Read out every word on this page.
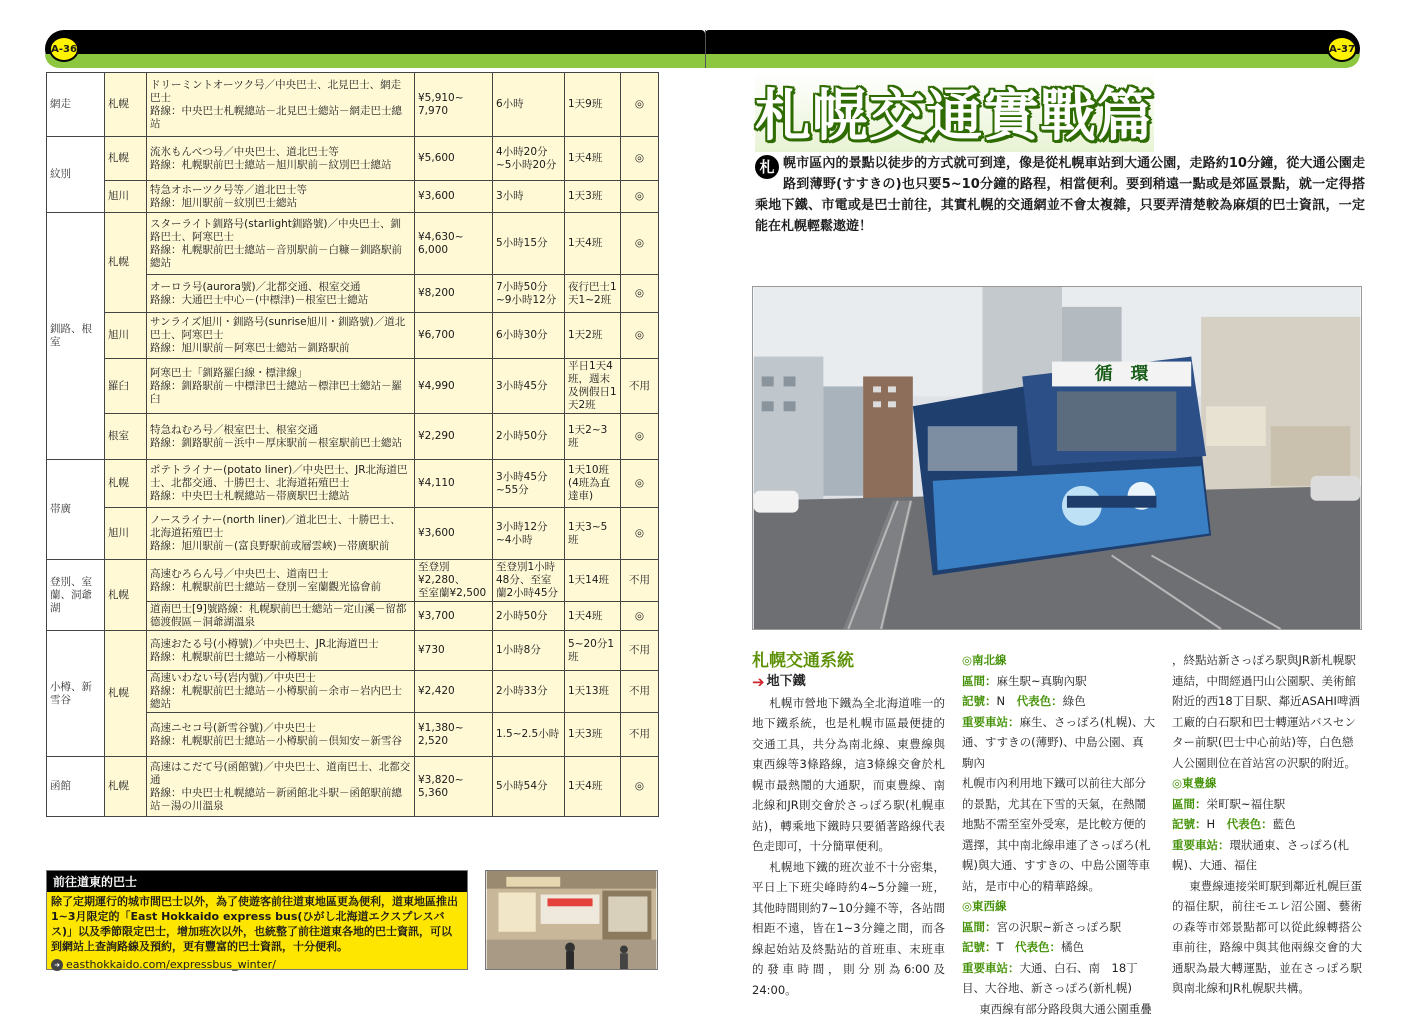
A-36	A-37
網走	札幌	ドリーミントオーツク号／中央巴士、北見巴士、網走巴士
路線：中央巴士札幌總站－北見巴士總站－網走巴士總站	¥5,910~
7,970	6小時	1天9班	◎
紋別	札幌	流氷もんべつ号／中央巴士、道北巴士等
路線：札幌駅前巴士總站－旭川駅前－紋別巴士總站	¥5,600	4小時20分~5小時20分	1天4班	◎
	旭川	特急オホーツク号等／道北巴士等
路線：旭川駅前－紋別巴士總站	¥3,600	3小時	1天3班	◎
釧路、根室	札幌	スターライト釧路号(starlight釧路號)／中央巴士、釧路巴士、阿寒巴士
路線：札幌駅前巴士總站－音別駅前－白糠－釧路駅前總站	¥4,630~
6,000	5小時15分	1天4班	◎
		オーロラ号(aurora號)／北都交通、根室交通
路線：大通巴士中心－(中標津)－根室巴士總站	¥8,200	7小時50分~9小時12分	夜行巴士1天1~2班	◎
	旭川	サンライズ旭川・釧路号(sunrise旭川・釧路號)／道北巴士、阿寒巴士
路線：旭川駅前－阿寒巴士總站－釧路駅前	¥6,700	6小時30分	1天2班	◎
	羅臼	阿寒巴士「釧路羅臼線・標津線」
路線：釧路駅前－中標津巴士總站－標津巴士總站－羅臼	¥4,990	3小時45分	平日1天4班，週末及例假日1天2班	不用
	根室	特急ねむろ号／根室巴士、根室交通
路線：釧路駅前－浜中－厚床駅前－根室駅前巴士總站	¥2,290	2小時50分	1天2~3班	◎
帯廣	札幌	ポテトライナー(potato liner)／中央巴士、JR北海道巴士、北都交通、十勝巴士、北海道拓殖巴士
路線：中央巴士札幌總站－帯廣駅巴士總站	¥4,110	3小時45分~55分	1天10班(4班為直達車)	◎
	旭川	ノースライナー(north liner)／道北巴士、十勝巴士、北海道拓殖巴士
路線：旭川駅前－(富良野駅前或層雲峽)－帯廣駅前	¥3,600	3小時12分~4小時	1天3~5班	◎
登別、室蘭、洞爺湖	札幌	高速むろらん号／中央巴士、道南巴士
路線：札幌駅前巴士總站－登別－室蘭觀光協會前	至登別
¥2,280、
至室蘭¥2,500	至登別1小時48分、至室蘭2小時45分	1天14班	不用
		道南巴士[9]號路線：札幌駅前巴士總站－定山溪－留都德渡假區－洞爺湖溫泉	¥3,700	2小時50分	1天4班	◎
小樽、新雪谷	札幌	高速おたる号(小樽號)／中央巴士、JR北海道巴士
路線：札幌駅前巴士總站－小樽駅前	¥730	1小時8分	5~20分1班	不用
		高速いわない号(岩内號)／中央巴士
路線：札幌駅前巴士總站－小樽駅前－余市－岩内巴士總站	¥2,420	2小時33分	1天13班	不用
		高速ニセコ号(新雪谷號)／中央巴士
路線：札幌駅前巴士總站－小樽駅前－倶知安－新雪谷	¥1,380~
2,520	1.5~2.5小時	1天3班	不用
函館	札幌	高速はこだて号(函館號)／中央巴士、道南巴士、北都交通
路線：中央巴士札幌總站－新函館北斗駅－函館駅前總站－湯の川溫泉	¥3,820~
5,360	5小時54分	1天4班	◎
前往道東的巴士
除了定期運行的城市間巴士以外，為了使遊客前往道東地區更為便利，道東地區推出1~3月限定的「East Hokkaido express bus(ひがし北海道エクスプレスバス)」以及季節限定巴士，增加班次以外，也統整了前往道東各地的巴士資訊，可以到網站上查詢路線及預約，更有豐富的巴士資訊，十分便利。
➜ easthokkaido.com/expressbus_winter/
札幌交通實戰篇
札 幌市區內的景點以徒步的方式就可到達，像是從札幌車站到大通公園，走路約10分鐘，從大通公園走路到薄野(すすきの)也只要5~10分鐘的路程，相當便利。要到稍遠一點或是郊區景點，就一定得搭乘地下鐵、市電或是巴士前往，其實札幌的交通網並不會太複雜，只要弄清楚較為麻煩的巴士資訊，一定能在札幌輕鬆遨遊！
循　環
札幌交通系統
➔ 地下鐵
札幌市營地下鐵為全北海道唯一的地下鐵系統，也是札幌市區最便捷的交通工具，共分為南北線、東豊線與東西線等3條路線，這3條線交會於札幌市最熱鬧的大通駅，而東豊線、南北線和JR則交會於さっぽろ駅(札幌車站)，轉乘地下鐵時只要循著路線代表色走即可，十分簡單便利。
札幌地下鐵的班次並不十分密集，平日上下班尖峰時約4~5分鐘一班，其他時間則約7~10分鐘不等，各站間相距不遠，皆在1~3分鐘之間，而各線起始站及終點站的首班車、末班車的發車時間，則分別為6:00及24:00。
◎南北線
區間：麻生駅~真駒內駅
記號：N　 代表色：綠色
重要車站：麻生、さっぽろ(札幌)、大通、すすきの(薄野)、中島公園、真駒內
札幌市內利用地下鐵可以前往大部分的景點，尤其在下雪的天氣，在熱鬧地點不需至室外受寒，是比較方便的選擇，其中南北線串連了さっぽろ(札幌)與大通、すすきの、中島公園等車站，是市中心的精華路線。
◎東西線
區間：宮の沢駅~新さっぽろ駅
記號：T　 代表色：橘色
重要車站：大通、白石、南　18丁目、大谷地、新さっぽろ(新札幌)
東西線有部分路段與大通公園重疊
，終點站新さっぽろ駅與JR新札幌駅連結，中間經過円山公園駅、美術館附近的西18丁目駅、鄰近ASAHI啤酒工廠的白石駅和巴士轉運站バスセンター前駅(巴士中心前站)等，白色戀人公園則位在首站宮の沢駅的附近。
◎東豊線
區間：栄町駅~福住駅
記號：H　 代表色：藍色
重要車站：環狀通東、さっぽろ(札幌)、大通、福住
東豊線連接栄町駅到鄰近札幌巨蛋的福住駅，前往モエレ沼公園、藝術の森等市郊景點都可以從此線轉搭公車前往，路線中與其他兩線交會的大通駅為最大轉運點，並在さっぽろ駅與南北線和JR札幌駅共構。
